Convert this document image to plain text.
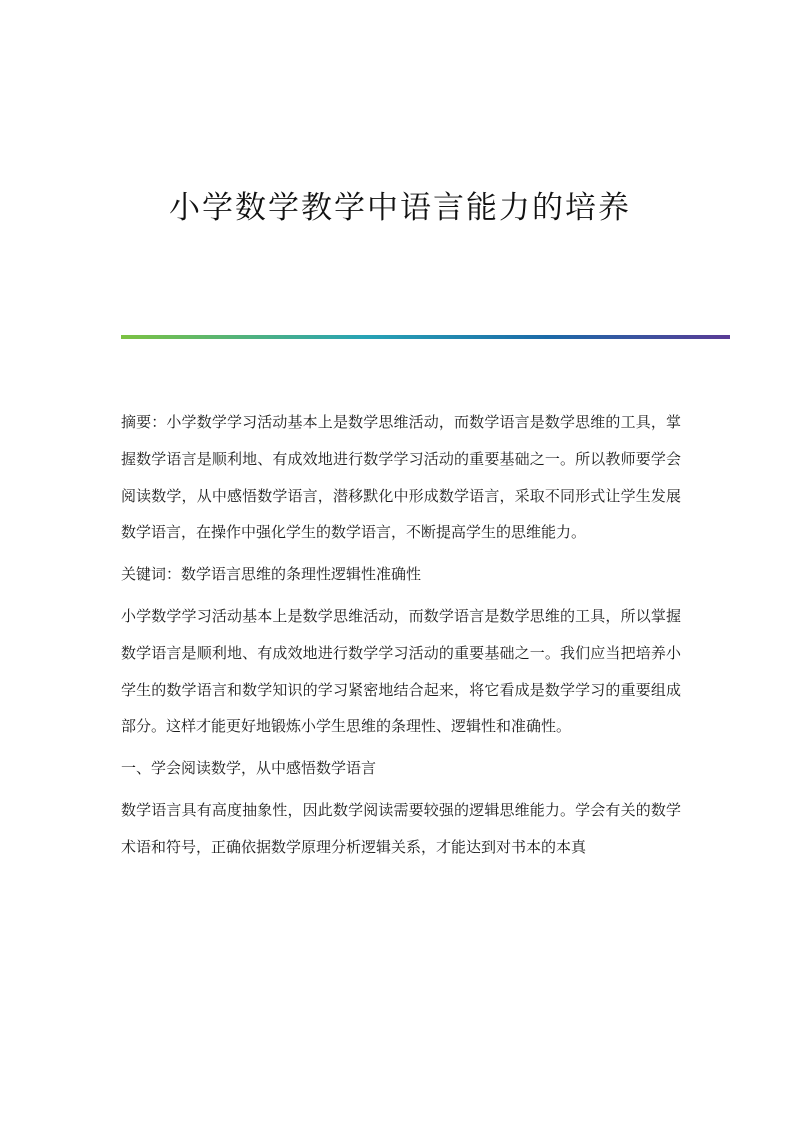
小学数学教学中语言能力的培养

摘要：小学数学学习活动基本上是数学思维活动，而数学语言是数学思维的工具，掌握数学语言是顺利地、有成效地进行数学学习活动的重要基础之一。所以教师要学会阅读数学，从中感悟数学语言，潜移默化中形成数学语言，采取不同形式让学生发展数学语言，在操作中强化学生的数学语言，不断提高学生的思维能力。

关键词：数学语言思维的条理性逻辑性准确性

小学数学学习活动基本上是数学思维活动，而数学语言是数学思维的工具，所以掌握数学语言是顺利地、有成效地进行数学学习活动的重要基础之一。我们应当把培养小学生的数学语言和数学知识的学习紧密地结合起来，将它看成是数学学习的重要组成部分。这样才能更好地锻炼小学生思维的条理性、逻辑性和准确性。

一、学会阅读数学，从中感悟数学语言

数学语言具有高度抽象性，因此数学阅读需要较强的逻辑思维能力。学会有关的数学术语和符号，正确依据数学原理分析逻辑关系，才能达到对书本的本真
